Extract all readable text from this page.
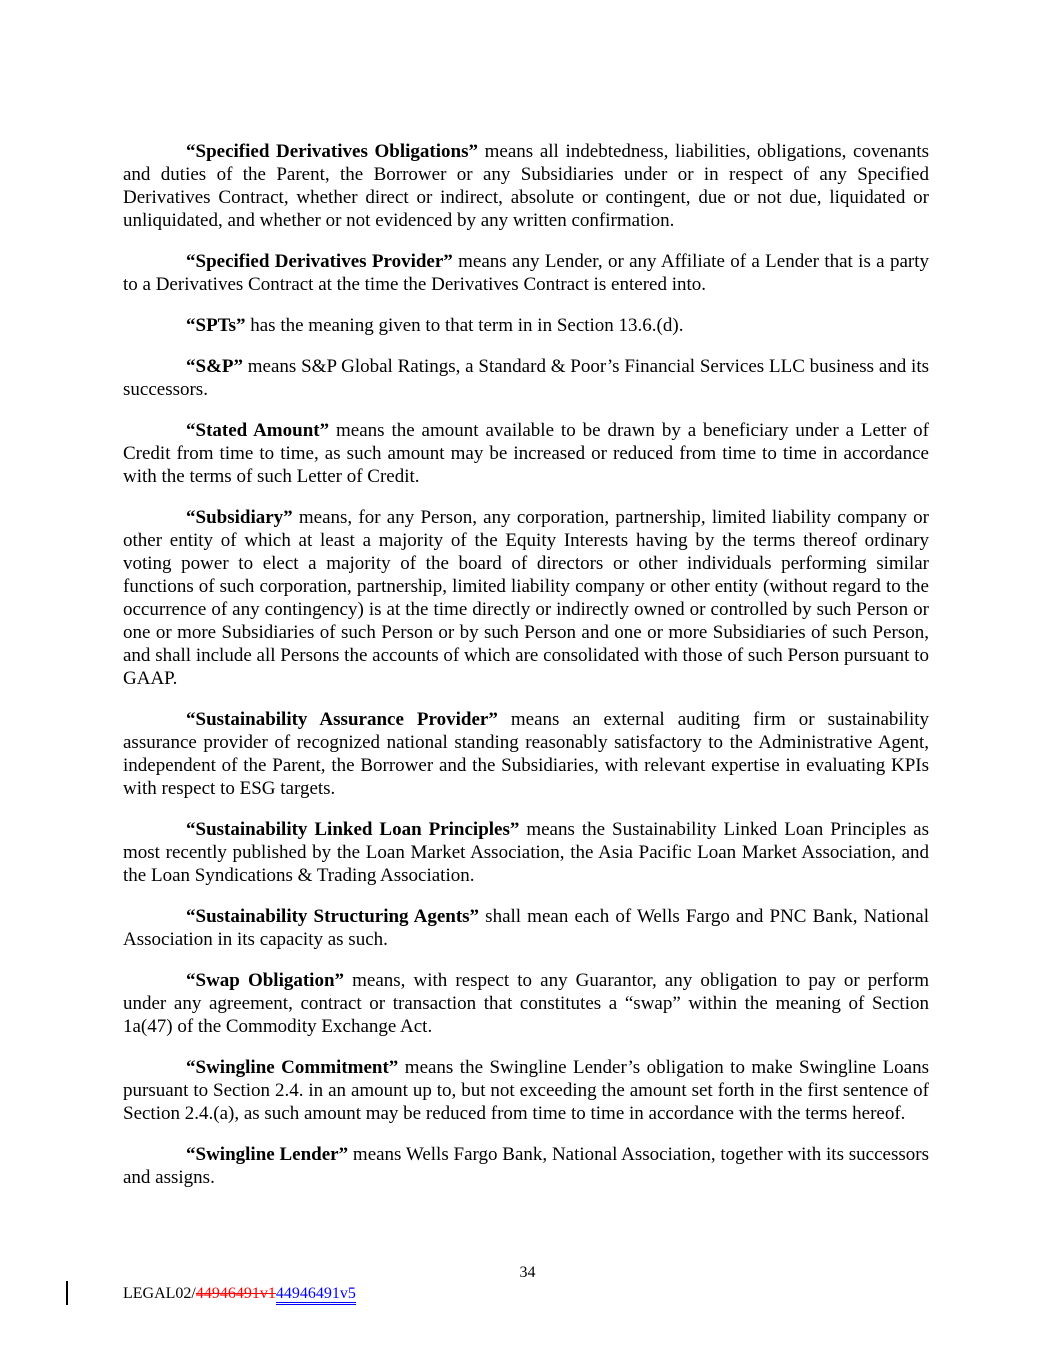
“Specified Derivatives Obligations” means all indebtedness, liabilities, obligations, covenants and duties of the Parent, the Borrower or any Subsidiaries under or in respect of any Specified Derivatives Contract, whether direct or indirect, absolute or contingent, due or not due, liquidated or unliquidated, and whether or not evidenced by any written confirmation.

“Specified Derivatives Provider” means any Lender, or any Affiliate of a Lender that is a party to a Derivatives Contract at the time the Derivatives Contract is entered into.

“SPTs” has the meaning given to that term in in Section 13.6.(d).

“S&P” means S&P Global Ratings, a Standard & Poor’s Financial Services LLC business and its successors.

“Stated Amount” means the amount available to be drawn by a beneficiary under a Letter of Credit from time to time, as such amount may be increased or reduced from time to time in accordance with the terms of such Letter of Credit.

“Subsidiary” means, for any Person, any corporation, partnership, limited liability company or other entity of which at least a majority of the Equity Interests having by the terms thereof ordinary voting power to elect a majority of the board of directors or other individuals performing similar functions of such corporation, partnership, limited liability company or other entity (without regard to the occurrence of any contingency) is at the time directly or indirectly owned or controlled by such Person or one or more Subsidiaries of such Person or by such Person and one or more Subsidiaries of such Person, and shall include all Persons the accounts of which are consolidated with those of such Person pursuant to GAAP.

“Sustainability Assurance Provider” means an external auditing firm or sustainability assurance provider of recognized national standing reasonably satisfactory to the Administrative Agent, independent of the Parent, the Borrower and the Subsidiaries, with relevant expertise in evaluating KPIs with respect to ESG targets.

“Sustainability Linked Loan Principles” means the Sustainability Linked Loan Principles as most recently published by the Loan Market Association, the Asia Pacific Loan Market Association, and the Loan Syndications & Trading Association.

“Sustainability Structuring Agents” shall mean each of Wells Fargo and PNC Bank, National Association in its capacity as such.

“Swap Obligation” means, with respect to any Guarantor, any obligation to pay or perform under any agreement, contract or transaction that constitutes a “swap” within the meaning of Section 1a(47) of the Commodity Exchange Act.

“Swingline Commitment” means the Swingline Lender’s obligation to make Swingline Loans pursuant to Section 2.4. in an amount up to, but not exceeding the amount set forth in the first sentence of Section 2.4.(a), as such amount may be reduced from time to time in accordance with the terms hereof.

“Swingline Lender” means Wells Fargo Bank, National Association, together with its successors and assigns.

34
LEGAL02/44946491v144946491v5
